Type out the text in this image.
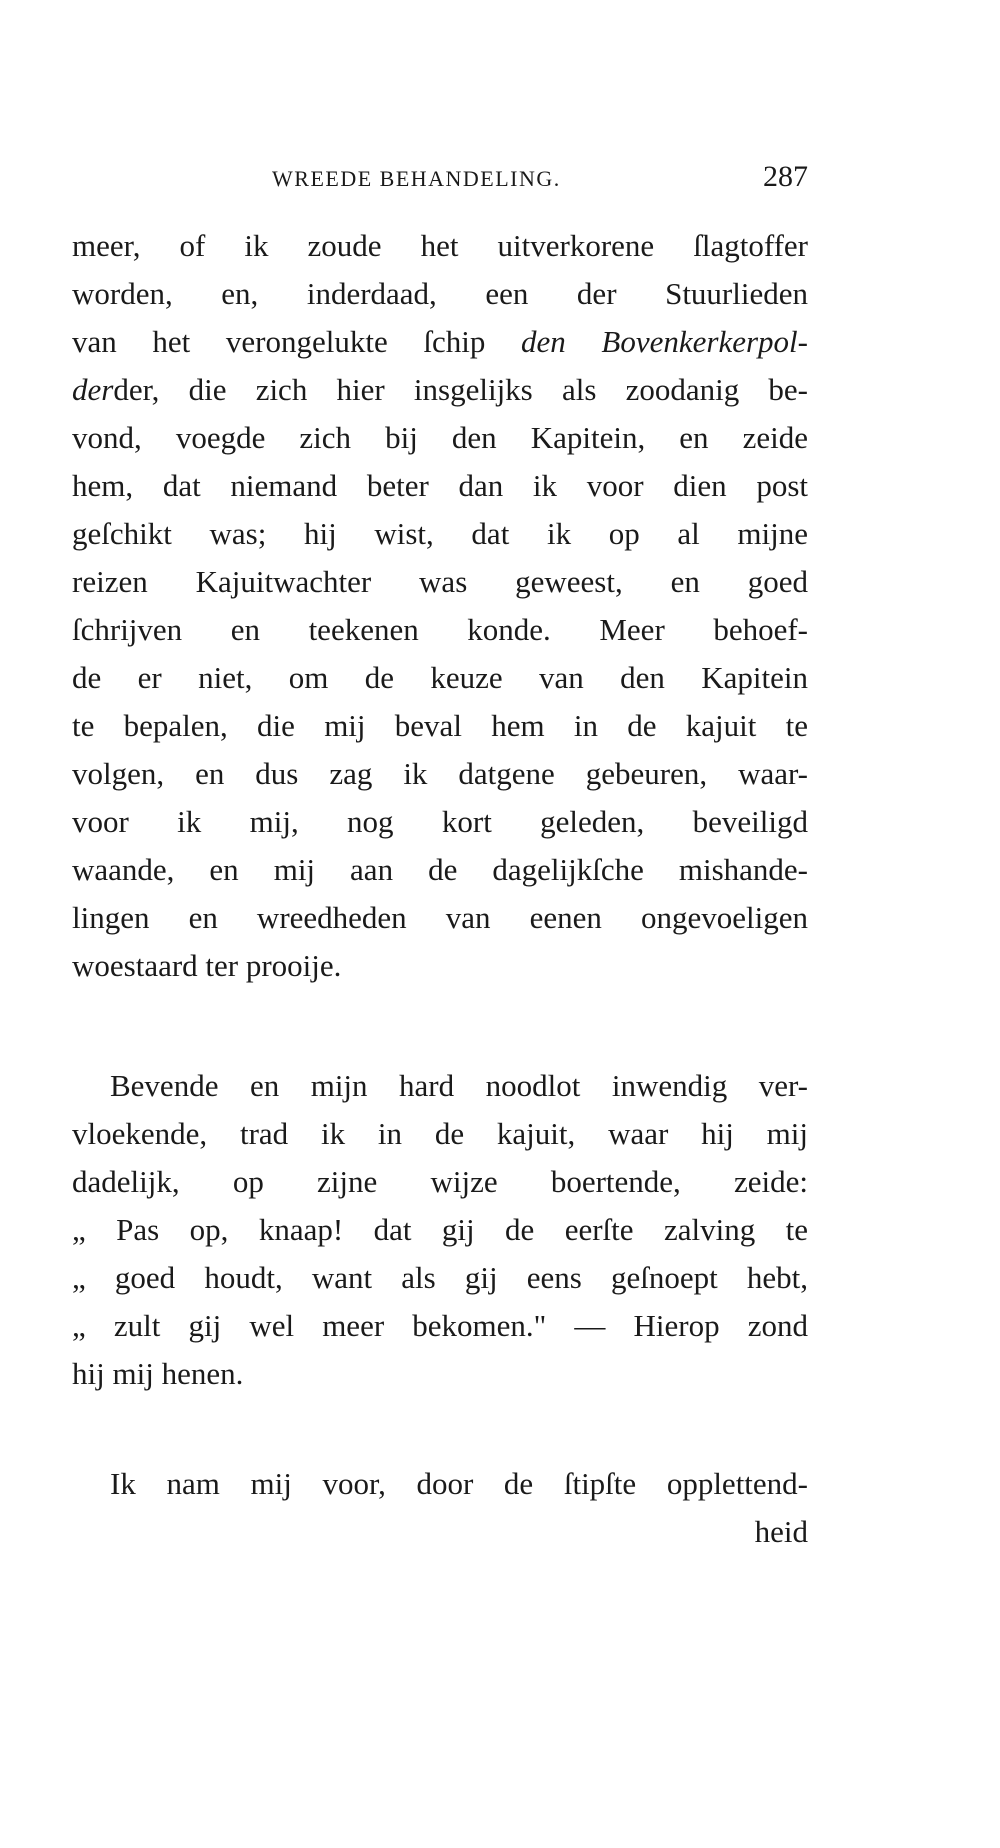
WREEDE BEHANDELING.	287
meer, of ik zoude het uitverkorene ſlagtoffer
worden, en, inderdaad, een der Stuurlieden
van het verongelukte ſchip den Bovenkerkerpol-
derder, die zich hier insgelijks als zoodanig be-
vond, voegde zich bij den Kapitein, en zeide
hem, dat niemand beter dan ik voor dien post
geſchikt was; hij wist, dat ik op al mijne
reizen Kajuitwachter was geweest, en goed
ſchrijven en teekenen konde. Meer behoef-
de er niet, om de keuze van den Kapitein
te bepalen, die mij beval hem in de kajuit te
volgen, en dus zag ik datgene gebeuren, waar-
voor ik mij, nog kort geleden, beveiligd
waande, en mij aan de dagelijkſche mishande-
lingen en wreedheden van eenen ongevoeligen
woestaard ter prooije.
Bevende en mijn hard noodlot inwendig ver-
vloekende, trad ik in de kajuit, waar hij mij
dadelijk, op zijne wijze boertende, zeide:
„ Pas op, knaap! dat gij de eerſte zalving te
„ goed houdt, want als gij eens geſnoept hebt,
„ zult gij wel meer bekomen." — Hierop zond
hij mij henen.
Ik nam mij voor, door de ſtipſte opplettend-
heid
